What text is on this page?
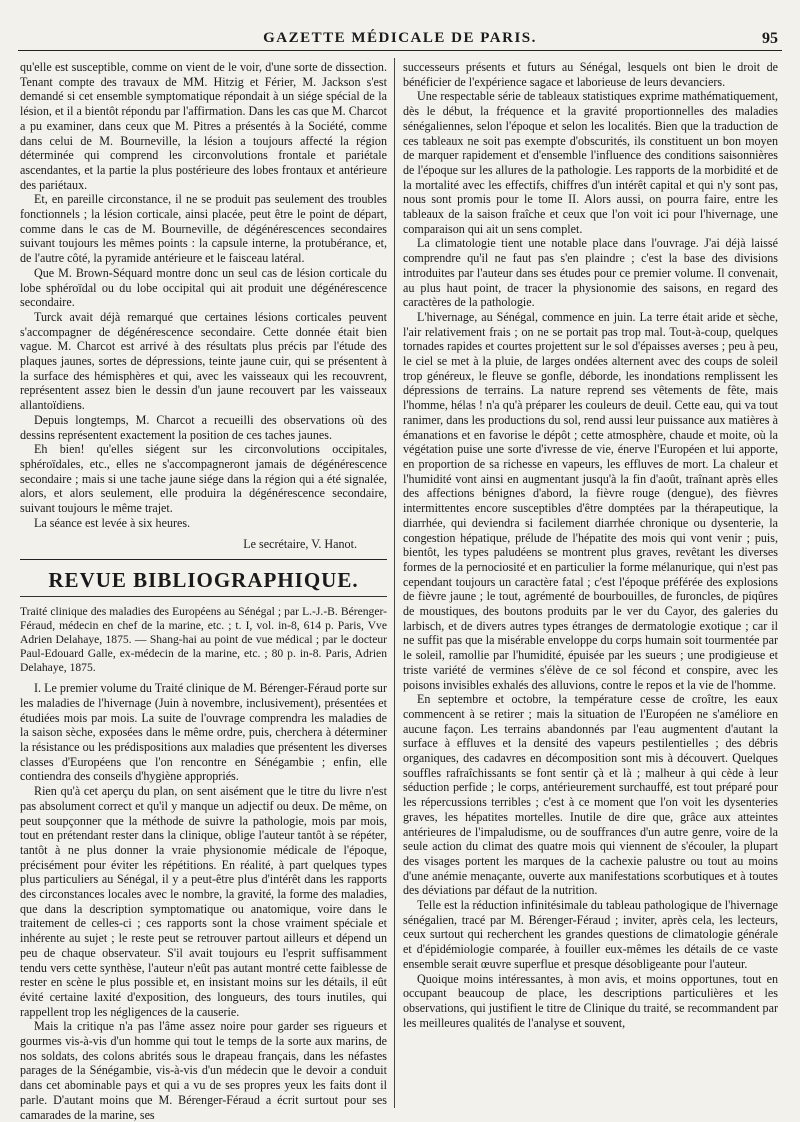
GAZETTE MÉDICALE DE PARIS.	95

qu'elle est susceptible, comme on vient de le voir, d'une sorte de dissection. Tenant compte des travaux de MM. Hitzig et Férier, M. Jackson s'est demandé si cet ensemble symptomatique répondait à un siége spécial de la lésion, et il a bientôt répondu par l'affirmation. Dans les cas que M. Charcot a pu examiner, dans ceux que M. Pitres a présentés à la Société, comme dans celui de M. Bourneville, la lésion a toujours affecté la région déterminée qui comprend les circonvolutions frontale et pariétale ascendantes, et la partie la plus postérieure des lobes frontaux et antérieure des pariétaux.

Et, en pareille circonstance, il ne se produit pas seulement des troubles fonctionnels ; la lésion corticale, ainsi placée, peut être le point de départ, comme dans le cas de M. Bourneville, de dégénérescences secondaires suivant toujours les mêmes points : la capsule interne, la protubérance, et, de l'autre côté, la pyramide antérieure et le faisceau latéral.

Que M. Brown-Séquard montre donc un seul cas de lésion corticale du lobe sphéroïdal ou du lobe occipital qui ait produit une dégénérescence secondaire.

Turck avait déjà remarqué que certaines lésions corticales peuvent s'accompagner de dégénérescence secondaire. Cette donnée était bien vague. M. Charcot est arrivé à des résultats plus précis par l'étude des plaques jaunes, sortes de dépressions, teinte jaune cuir, qui se présentent à la surface des hémisphères et qui, avec les vaisseaux qui les recouvrent, représentent assez bien le dessin d'un jaune recouvert par les vaisseaux allantoïdiens.

Depuis longtemps, M. Charcot a recueilli des observations où des dessins représentent exactement la position de ces taches jaunes.

Eh bien! qu'elles siégent sur les circonvolutions occipitales, sphéroïdales, etc., elles ne s'accompagneront jamais de dégénérescence secondaire ; mais si une tache jaune siége dans la région qui a été signalée, alors, et alors seulement, elle produira la dégénérescence secondaire, suivant toujours le même trajet.

La séance est levée à six heures.

Le secrétaire, V. Hanot.
REVUE BIBLIOGRAPHIQUE.

Traité clinique des maladies des Européens au Sénégal ; par L.-J.-B. Bérenger-Féraud, médecin en chef de la marine, etc. ; t. I, vol. in-8, 614 p. Paris, Vve Adrien Delahaye, 1875. — Shang-hai au point de vue médical ; par le docteur Paul-Edouard Galle, ex-médecin de la marine, etc. ; 80 p. in-8. Paris, Adrien Delahaye, 1875.

I. Le premier volume du Traité clinique de M. Bérenger-Féraud porte sur les maladies de l'hivernage (Juin à novembre, inclusivement), présentées et étudiées mois par mois. La suite de l'ouvrage comprendra les maladies de la saison sèche, exposées dans le même ordre, puis, cherchera à déterminer la résistance ou les prédispositions aux maladies que présentent les diverses classes d'Européens que l'on rencontre en Sénégambie ; enfin, elle contiendra des conseils d'hygiène appropriés.

Rien qu'à cet aperçu du plan, on sent aisément que le titre du livre n'est pas absolument correct et qu'il y manque un adjectif ou deux. De même, on peut soupçonner que la méthode de suivre la pathologie, mois par mois, tout en prétendant rester dans la clinique, oblige l'auteur tantôt à se répéter, tantôt à ne plus donner la vraie physionomie médicale de l'époque, précisément pour éviter les répétitions. En réalité, à part quelques types plus particuliers au Sénégal, il y a peut-être plus d'intérêt dans les rapports des circonstances locales avec le nombre, la gravité, la forme des maladies, que dans la description symptomatique ou anatomique, voire dans le traitement de celles-ci ; ces rapports sont la chose vraiment spéciale et inhérente au sujet ; le reste peut se retrouver partout ailleurs et dépend un peu de chaque observateur. S'il avait toujours eu l'esprit suffisamment tendu vers cette synthèse, l'auteur n'eût pas autant montré cette faiblesse de rester en scène le plus possible et, en insistant moins sur les détails, il eût évité certaine laxité d'exposition, des longueurs, des tours inutiles, qui rappellent trop les négligences de la causerie.

Mais la critique n'a pas l'âme assez noire pour garder ses rigueurs et gourmes vis-à-vis d'un homme qui tout le temps de la sorte aux marins, de nos soldats, des colons abrités sous le drapeau français, dans les néfastes parages de la Sénégambie, vis-à-vis d'un médecin que le devoir a conduit dans cet abominable pays et qui a vu de ses propres yeux les faits dont il parle. D'autant moins que M. Bérenger-Féraud a écrit surtout pour ses camarades de la marine, ses

successeurs présents et futurs au Sénégal, lesquels ont bien le droit de bénéficier de l'expérience sagace et laborieuse de leurs devanciers.

Une respectable série de tableaux statistiques exprime mathématiquement, dès le début, la fréquence et la gravité proportionnelles des maladies sénégaliennes, selon l'époque et selon les localités. Bien que la traduction de ces tableaux ne soit pas exempte d'obscurités, ils constituent un bon moyen de marquer rapidement et d'ensemble l'influence des conditions saisonnières de l'époque sur les allures de la pathologie. Les rapports de la morbidité et de la mortalité avec les effectifs, chiffres d'un intérêt capital et qui n'y sont pas, nous sont promis pour le tome II. Alors aussi, on pourra faire, entre les tableaux de la saison fraîche et ceux que l'on voit ici pour l'hivernage, une comparaison qui ait un sens complet.

La climatologie tient une notable place dans l'ouvrage. J'ai déjà laissé comprendre qu'il ne faut pas s'en plaindre ; c'est la base des divisions introduites par l'auteur dans ses études pour ce premier volume. Il convenait, au plus haut point, de tracer la physionomie des saisons, en regard des caractères de la pathologie.

L'hivernage, au Sénégal, commence en juin. La terre était aride et sèche, l'air relativement frais ; on ne se portait pas trop mal. Tout-à-coup, quelques tornades rapides et courtes projettent sur le sol d'épaisses averses ; peu à peu, le ciel se met à la pluie, de larges ondées alternent avec des coups de soleil trop généreux, le fleuve se gonfle, déborde, les inondations remplissent les dépressions de terrains. La nature reprend ses vêtements de fête, mais l'homme, hélas ! n'a qu'à préparer les couleurs de deuil. Cette eau, qui va tout ranimer, dans les productions du sol, rend aussi leur puissance aux matières à émanations et en favorise le dépôt ; cette atmosphère, chaude et moite, où la végétation puise une sorte d'ivresse de vie, énerve l'Européen et lui apporte, en proportion de sa richesse en vapeurs, les effluves de mort. La chaleur et l'humidité vont ainsi en augmentant jusqu'à la fin d'août, traînant après elles des affections bénignes d'abord, la fièvre rouge (dengue), des fièvres intermittentes encore susceptibles d'être domptées par la thérapeutique, la diarrhée, qui deviendra si facilement diarrhée chronique ou dysenterie, la congestion hépatique, prélude de l'hépatite des mois qui vont venir ; puis, bientôt, les types paludéens se montrent plus graves, revêtant les diverses formes de la pernociosité et en particulier la forme mélanurique, qui n'est pas cependant toujours un caractère fatal ; c'est l'époque préférée des explosions de fièvre jaune ; le tout, agrémenté de bourbouilles, de furoncles, de piqûres de moustiques, des boutons produits par le ver du Cayor, des galeries du larbisch, et de divers autres types étranges de dermatologie exotique ; car il ne suffit pas que la misérable enveloppe du corps humain soit tourmentée par le soleil, ramollie par l'humidité, épuisée par les sueurs ; une prodigieuse et triste variété de vermines s'élève de ce sol fécond et conspire, avec les poisons invisibles exhalés des alluvions, contre le repos et la vie de l'homme.

En septembre et octobre, la température cesse de croître, les eaux commencent à se retirer ; mais la situation de l'Européen ne s'améliore en aucune façon. Les terrains abandonnés par l'eau augmentent d'autant la surface à effluves et la densité des vapeurs pestilentielles ; des débris organiques, des cadavres en décomposition sont mis à découvert. Quelques souffles rafraîchissants se font sentir çà et là ; malheur à qui cède à leur séduction perfide ; le corps, antérieurement surchauffé, est tout préparé pour les répercussions terribles ; c'est à ce moment que l'on voit les dysenteries graves, les hépatites mortelles. Inutile de dire que, grâce aux atteintes antérieures de l'impaludisme, ou de souffrances d'un autre genre, voire de la seule action du climat des quatre mois qui viennent de s'écouler, la plupart des visages portent les marques de la cachexie palustre ou tout au moins d'une anémie menaçante, ouverte aux manifestations scorbutiques et à toutes des déviations par défaut de la nutrition.

Telle est la réduction infinitésimale du tableau pathologique de l'hivernage sénégalien, tracé par M. Bérenger-Féraud ; inviter, après cela, les lecteurs, ceux surtout qui recherchent les grandes questions de climatologie générale et d'épidémiologie comparée, à fouiller eux-mêmes les détails de ce vaste ensemble serait œuvre superflue et presque désobligeante pour l'auteur.

Quoique moins intéressantes, à mon avis, et moins opportunes, tout en occupant beaucoup de place, les descriptions particulières et les observations, qui justifient le titre de Clinique du traité, se recommandent par les meilleures qualités de l'analyse et souvent,
